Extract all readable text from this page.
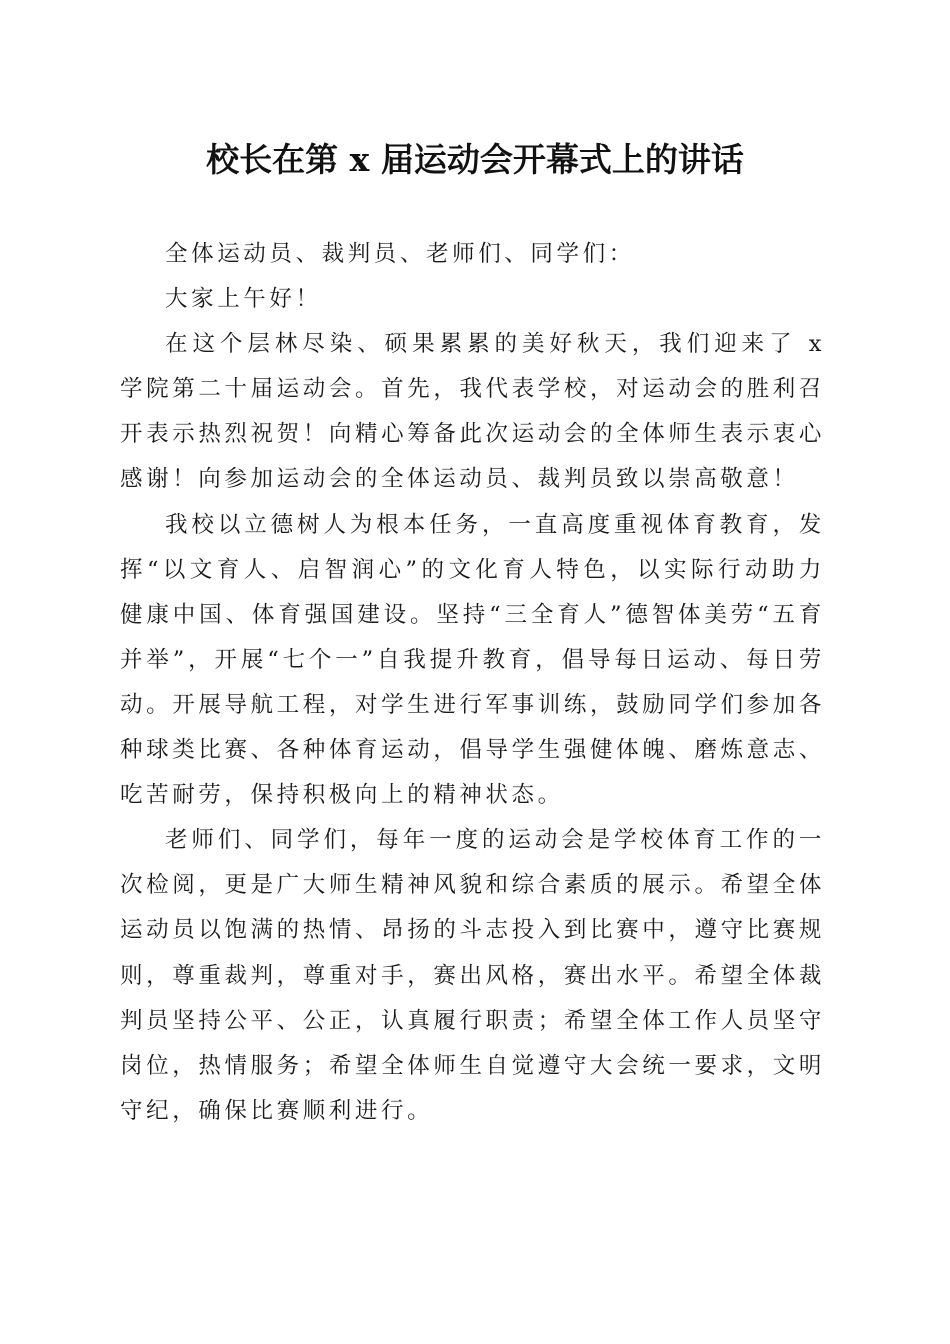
校长在第 x 届运动会开幕式上的讲话

全体运动员、裁判员、老师们、同学们：

大家上午好！

在这个层林尽染、硕果累累的美好秋天，我们迎来了 x 学院第二十届运动会。首先，我代表学校，对运动会的胜利召开表示热烈祝贺！向精心筹备此次运动会的全体师生表示衷心感谢！向参加运动会的全体运动员、裁判员致以崇高敬意！

我校以立德树人为根本任务，一直高度重视体育教育，发挥“以文育人、启智润心”的文化育人特色，以实际行动助力健康中国、体育强国建设。坚持“三全育人”德智体美劳“五育并举”，开展“七个一”自我提升教育，倡导每日运动、每日劳动。开展导航工程，对学生进行军事训练，鼓励同学们参加各种球类比赛、各种体育运动，倡导学生强健体魄、磨炼意志、吃苦耐劳，保持积极向上的精神状态。

老师们、同学们，每年一度的运动会是学校体育工作的一次检阅，更是广大师生精神风貌和综合素质的展示。希望全体运动员以饱满的热情、昂扬的斗志投入到比赛中，遵守比赛规则，尊重裁判，尊重对手，赛出风格，赛出水平。希望全体裁判员坚持公平、公正，认真履行职责；希望全体工作人员坚守岗位，热情服务；希望全体师生自觉遵守大会统一要求，文明守纪，确保比赛顺利进行。
